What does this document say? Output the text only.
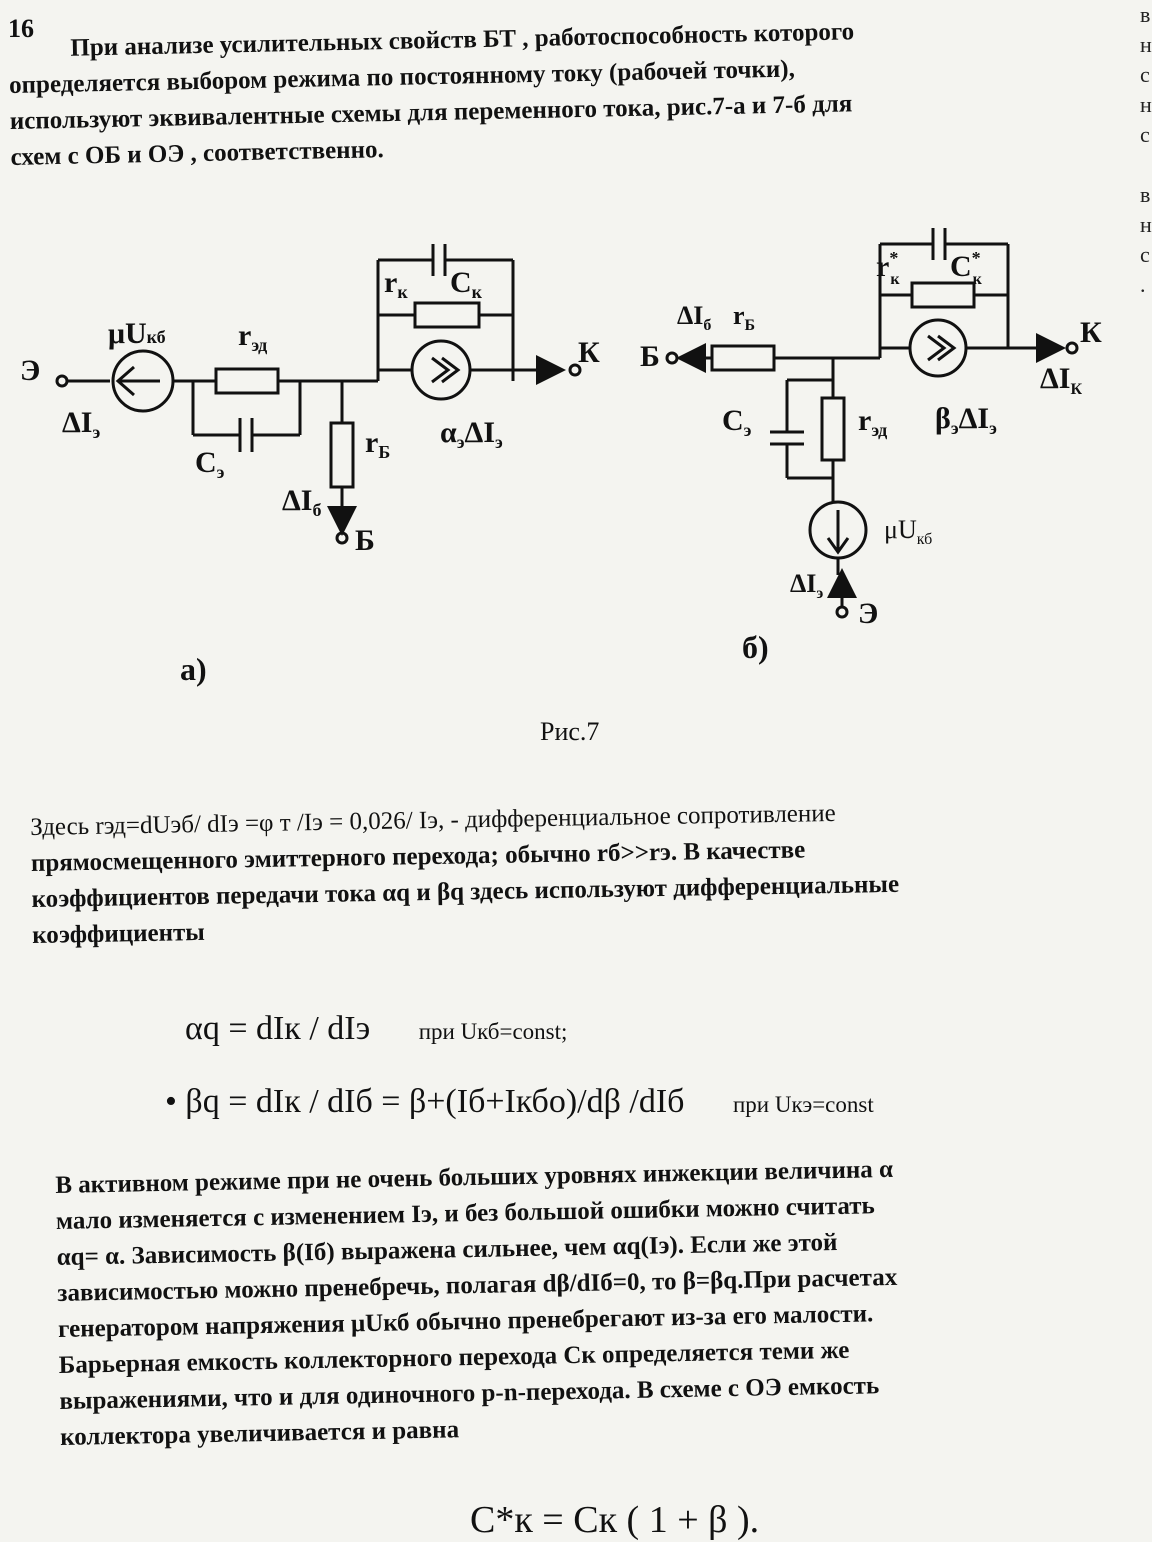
16	При анализе усилительных свойств БТ , работоспособность которого
определяется выбором режима по постоянному току (рабочей точки),
используют эквивалентные схемы для переменного тока, рис.7-а и 7-б для
схем с ОБ и ОЭ , соответственно.
в
н
с
н
с

в
н
с
.
Э
К
Б
μUкб $r_{эд}$
$C_э$
$r_к$ $C_к$
$r_Б$
$\Delta I_э$
$\Delta I_б$
$\alpha_э\Delta I_э$
а)
Б
К
Э
$\Delta I_б$ $r_Б$
r* к C* к
$C_э$	$r_{эд}$ $\beta_э\Delta I_э$
$\Delta I_К$
$\mu U_{кб}$
$\Delta I_э$
б)
Рис.7
Здесь rэд=dUэб/ dIэ =φ т /Iэ = 0,026/ Iэ, - дифференциальное сопротивление
прямосмещенного эмиттерного перехода; обычно rб>>rэ. В качестве
коэффициентов передачи тока αq и βq здесь используют дифференциальные
коэффициенты
αq = dIк / dIэ при Uкб=const;
• βq = dIк / dIб = β+(Iб+Iкбо)/dβ /dIб при Uкэ=const
В активном режиме при не очень больших уровнях инжекции величина α
мало изменяется с изменением Iэ, и без большой ошибки можно считать
αq= α. Зависимость β(Iб) выражена сильнее, чем αq(Iэ). Если же этой
зависимостью можно пренебречь, полагая dβ/dIб=0, то β=βq.При расчетах
генератором напряжения μUкб обычно пренебрегают из-за его малости.
Барьерная емкость коллекторного перехода Cк определяется теми же
выражениями, что и для одиночного p-n-перехода. В схеме с ОЭ емкость
коллектора увеличивается и равна
C*к = Cк ( 1 + β ).
